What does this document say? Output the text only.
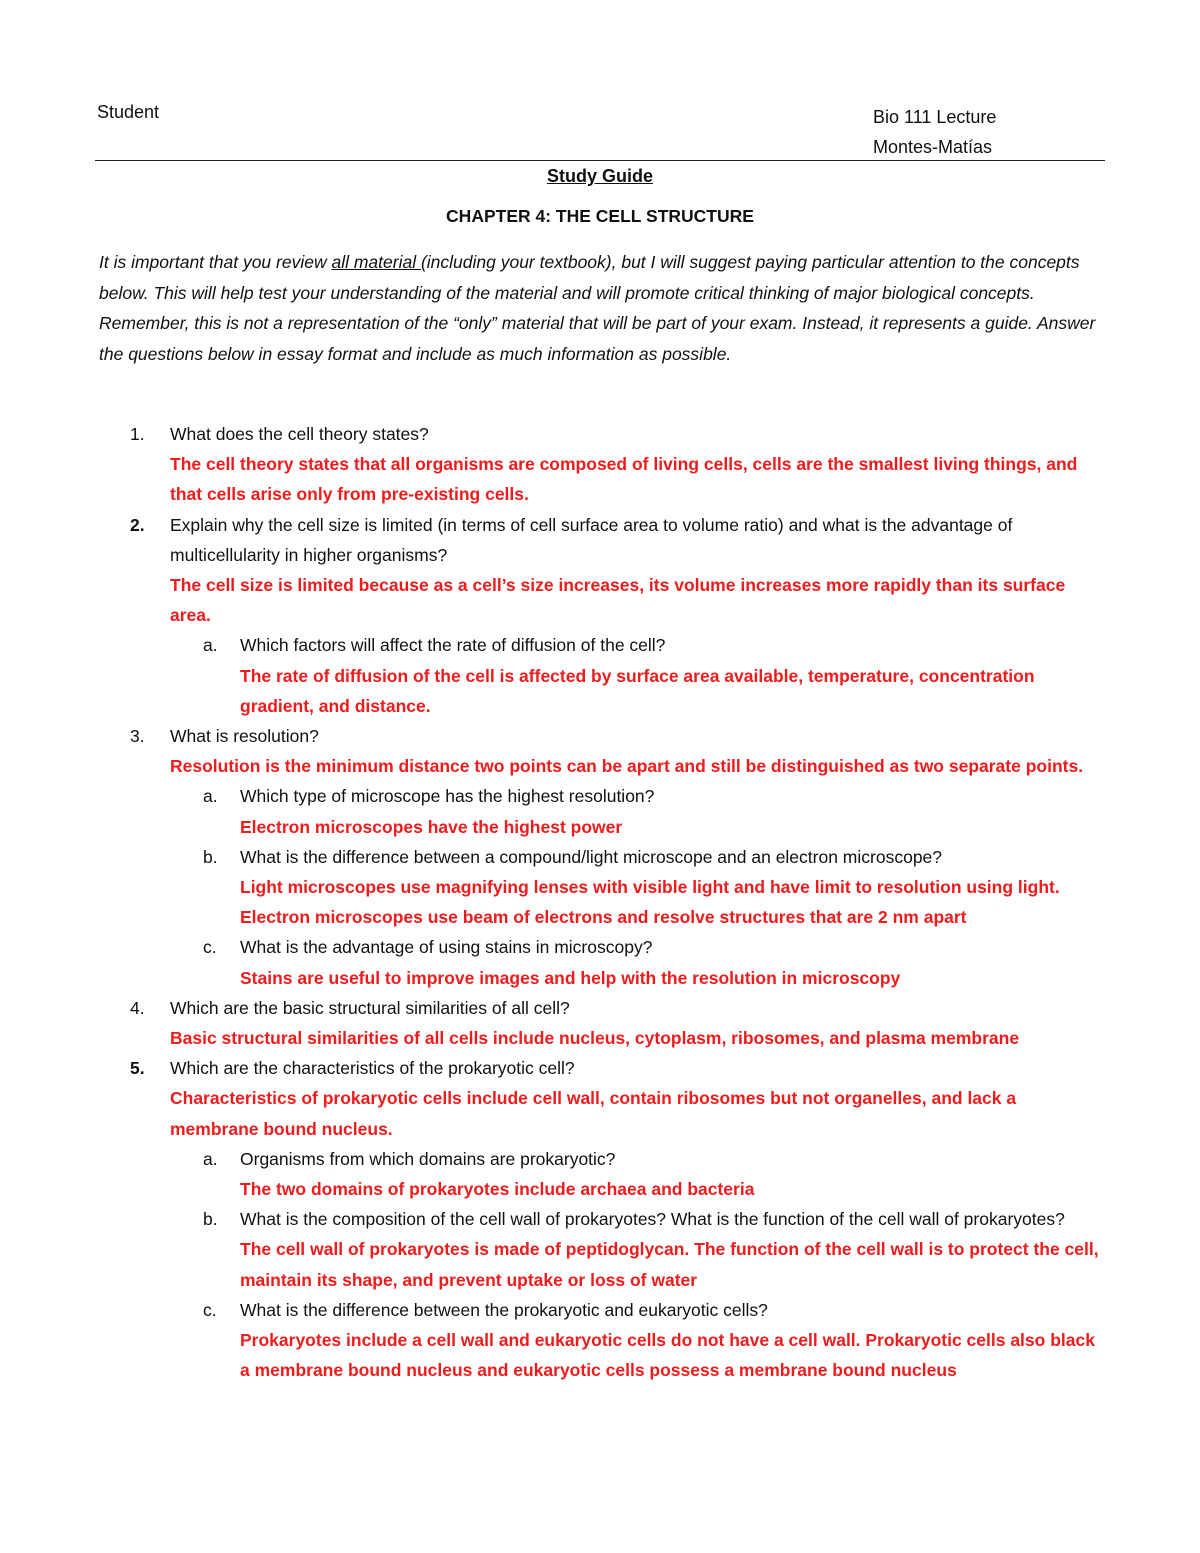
Student	Bio 111 Lecture
Montes-Matías
Study Guide
CHAPTER 4: THE CELL STRUCTURE
It is important that you review all material (including your textbook), but I will suggest paying particular attention to the concepts below. This will help test your understanding of the material and will promote critical thinking of major biological concepts. Remember, this is not a representation of the “only” material that will be part of your exam. Instead, it represents a guide. Answer the questions below in essay format and include as much information as possible.
1.	What does the cell theory states?
The cell theory states that all organisms are composed of living cells, cells are the smallest living things, and that cells arise only from pre-existing cells.
2.	Explain why the cell size is limited (in terms of cell surface area to volume ratio) and what is the advantage of multicellularity in higher organisms?
The cell size is limited because as a cell’s size increases, its volume increases more rapidly than its surface area.
a.	Which factors will affect the rate of diffusion of the cell?
The rate of diffusion of the cell is affected by surface area available, temperature, concentration gradient, and distance.
3.	What is resolution?
Resolution is the minimum distance two points can be apart and still be distinguished as two separate points.
a.	Which type of microscope has the highest resolution?
Electron microscopes have the highest power
b.	What is the difference between a compound/light microscope and an electron microscope?
Light microscopes use magnifying lenses with visible light and have limit to resolution using light. Electron microscopes use beam of electrons and resolve structures that are 2 nm apart
c.	What is the advantage of using stains in microscopy?
Stains are useful to improve images and help with the resolution in microscopy
4.	Which are the basic structural similarities of all cell?
Basic structural similarities of all cells include nucleus, cytoplasm, ribosomes, and plasma membrane
5.	Which are the characteristics of the prokaryotic cell?
Characteristics of prokaryotic cells include cell wall, contain ribosomes but not organelles, and lack a membrane bound nucleus.
a.	Organisms from which domains are prokaryotic?
The two domains of prokaryotes include archaea and bacteria
b.	What is the composition of the cell wall of prokaryotes? What is the function of the cell wall of prokaryotes?
The cell wall of prokaryotes is made of peptidoglycan. The function of the cell wall is to protect the cell, maintain its shape, and prevent uptake or loss of water
c.	What is the difference between the prokaryotic and eukaryotic cells?
Prokaryotes include a cell wall and eukaryotic cells do not have a cell wall. Prokaryotic cells also black a membrane bound nucleus and eukaryotic cells possess a membrane bound nucleus
